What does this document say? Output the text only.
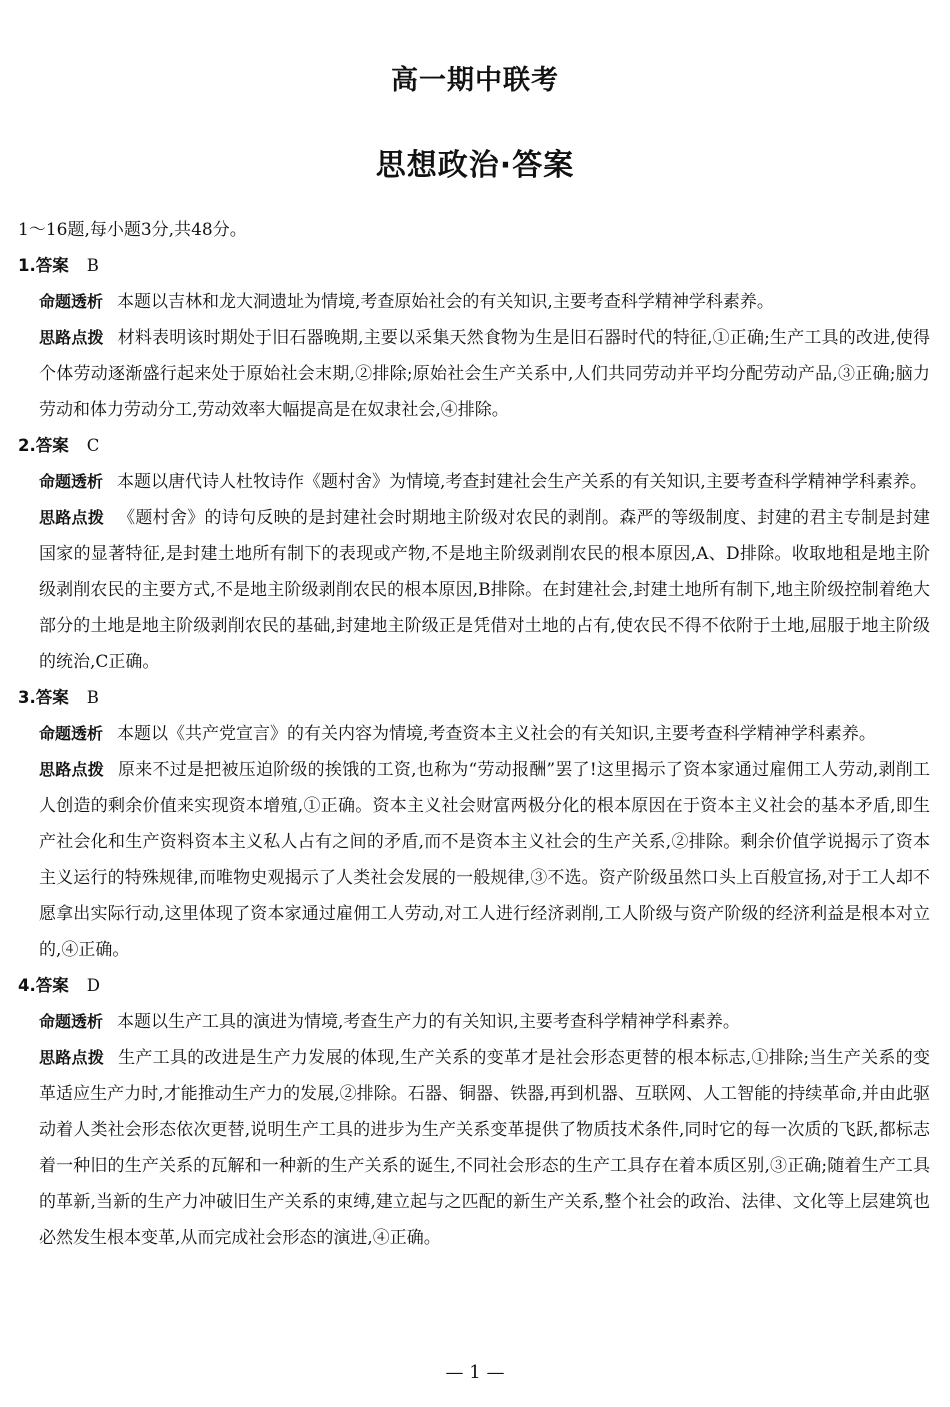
高一期中联考
思想政治·答案

1～16题,每小题3分,共48分。

1.答案 B

命题透析 本题以吉林和龙大洞遗址为情境,考查原始社会的有关知识,主要考查科学精神学科素养。

思路点拨 材料表明该时期处于旧石器晚期,主要以采集天然食物为生是旧石器时代的特征,①正确;生产工具的改进,使得个体劳动逐渐盛行起来处于原始社会末期,②排除;原始社会生产关系中,人们共同劳动并平均分配劳动产品,③正确;脑力劳动和体力劳动分工,劳动效率大幅提高是在奴隶社会,④排除。

2.答案 C

命题透析 本题以唐代诗人杜牧诗作《题村舍》为情境,考查封建社会生产关系的有关知识,主要考查科学精神学科素养。

思路点拨 《题村舍》的诗句反映的是封建社会时期地主阶级对农民的剥削。森严的等级制度、封建的君主专制是封建国家的显著特征,是封建土地所有制下的表现或产物,不是地主阶级剥削农民的根本原因,A、D排除。收取地租是地主阶级剥削农民的主要方式,不是地主阶级剥削农民的根本原因,B排除。在封建社会,封建土地所有制下,地主阶级控制着绝大部分的土地是地主阶级剥削农民的基础,封建地主阶级正是凭借对土地的占有,使农民不得不依附于土地,屈服于地主阶级的统治,C正确。

3.答案 B

命题透析 本题以《共产党宣言》的有关内容为情境,考查资本主义社会的有关知识,主要考查科学精神学科素养。

思路点拨 原来不过是把被压迫阶级的挨饿的工资,也称为“劳动报酬”罢了!这里揭示了资本家通过雇佣工人劳动,剥削工人创造的剩余价值来实现资本增殖,①正确。资本主义社会财富两极分化的根本原因在于资本主义社会的基本矛盾,即生产社会化和生产资料资本主义私人占有之间的矛盾,而不是资本主义社会的生产关系,②排除。剩余价值学说揭示了资本主义运行的特殊规律,而唯物史观揭示了人类社会发展的一般规律,③不选。资产阶级虽然口头上百般宣扬,对于工人却不愿拿出实际行动,这里体现了资本家通过雇佣工人劳动,对工人进行经济剥削,工人阶级与资产阶级的经济利益是根本对立的,④正确。

4.答案 D

命题透析 本题以生产工具的演进为情境,考查生产力的有关知识,主要考查科学精神学科素养。

思路点拨 生产工具的改进是生产力发展的体现,生产关系的变革才是社会形态更替的根本标志,①排除;当生产关系的变革适应生产力时,才能推动生产力的发展,②排除。石器、铜器、铁器,再到机器、互联网、人工智能的持续革命,并由此驱动着人类社会形态依次更替,说明生产工具的进步为生产关系变革提供了物质技术条件,同时它的每一次质的飞跃,都标志着一种旧的生产关系的瓦解和一种新的生产关系的诞生,不同社会形态的生产工具存在着本质区别,③正确;随着生产工具的革新,当新的生产力冲破旧生产关系的束缚,建立起与之匹配的新生产关系,整个社会的政治、法律、文化等上层建筑也必然发生根本变革,从而完成社会形态的演进,④正确。

— 1 —
